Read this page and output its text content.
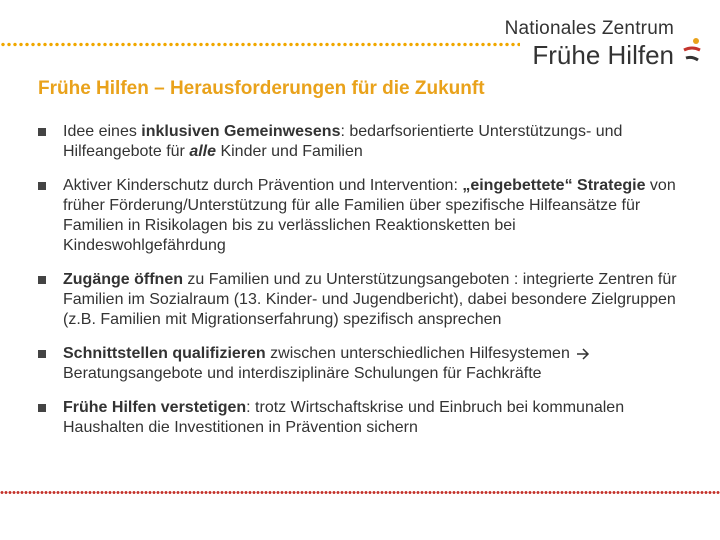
Nationales Zentrum
Frühe Hilfen
Frühe Hilfen – Herausforderungen für die Zukunft
Idee eines inklusiven Gemeinwesens: bedarfsorientierte Unterstützungs- und Hilfeangebote für alle Kinder und Familien
Aktiver Kinderschutz durch Prävention und Intervention: „eingebettete“ Strategie von früher Förderung/Unterstützung für alle Familien über spezifische Hilfeansätze für Familien in Risikolagen bis zu verlässlichen Reaktionsketten bei Kindeswohlgefährdung
Zugänge öffnen zu Familien und zu Unterstützungsangeboten : integrierte Zentren für Familien im Sozialraum (13. Kinder- und Jugendbericht), dabei besondere Zielgruppen (z.B. Familien mit Migrationserfahrung) spezifisch ansprechen
Schnittstellen qualifizieren zwischen unterschiedlichen Hilfesystemen  Beratungsangebote und interdisziplinäre Schulungen für Fachkräfte
Frühe Hilfen verstetigen: trotz Wirtschaftskrise und Einbruch bei kommunalen Haushalten die Investitionen in Prävention sichern
